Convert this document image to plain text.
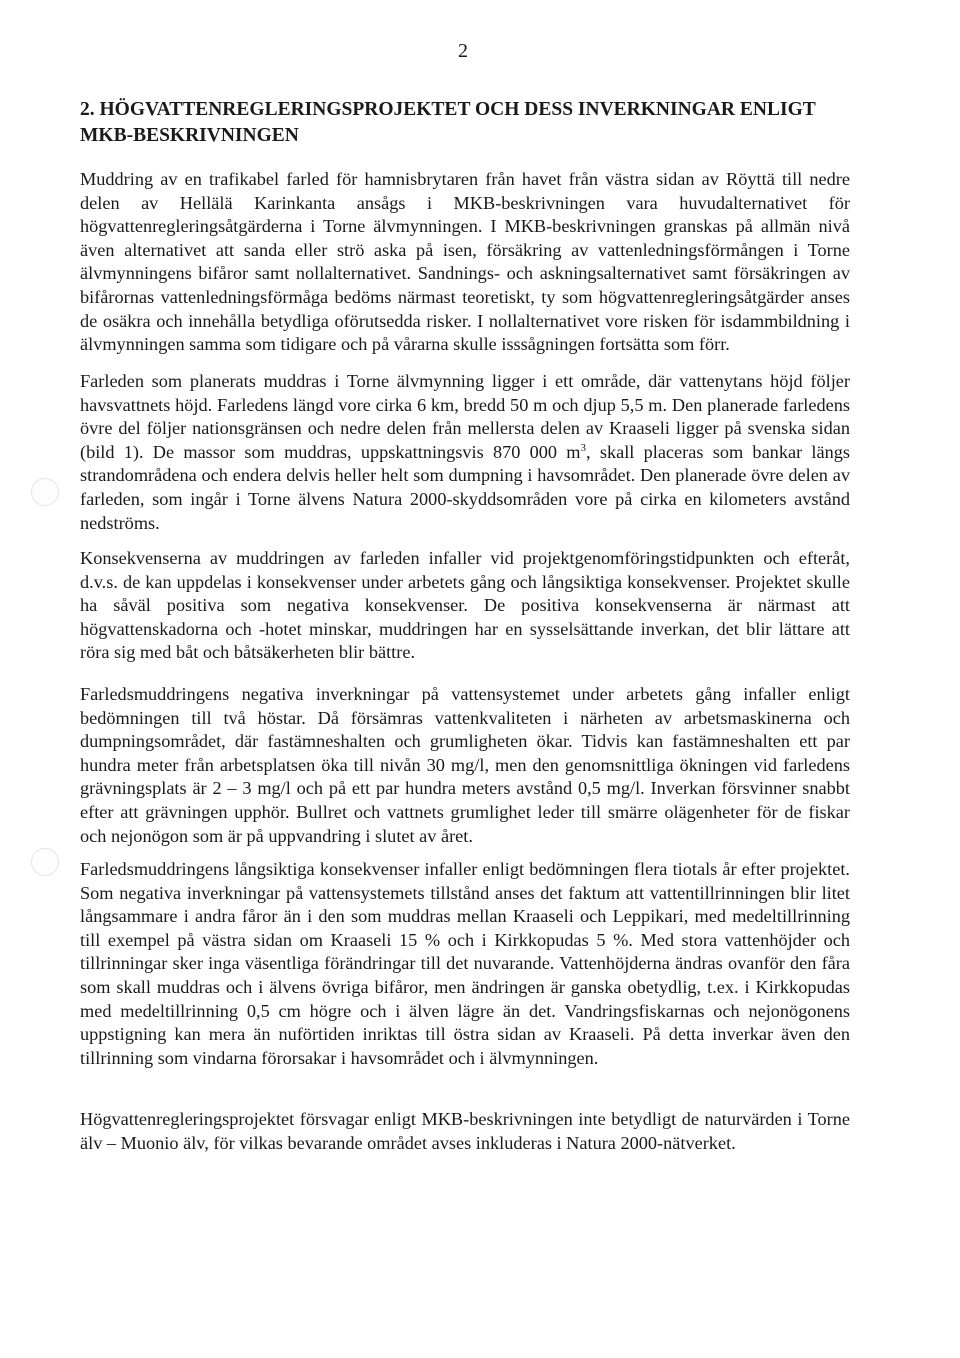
2
2. HÖGVATTENREGLERINGSPROJEKTET OCH DESS INVERKNINGAR ENLIGT MKB-BESKRIVNINGEN

Muddring av en trafikabel farled för hamnisbrytaren från havet från västra sidan av Röyttä till nedre delen av Hellälä Karinkanta ansågs i MKB-beskrivningen vara huvudalternativet för högvattenregleringsåtgärderna i Torne älvmynningen. I MKB-beskrivningen granskas på allmän nivå även alternativet att sanda eller strö aska på isen, försäkring av vattenledningsförmången i Torne älvmynningens bifåror samt nollalternativet. Sandnings- och askningsalternativet samt försäkringen av bifårornas vattenledningsförmåga bedöms närmast teoretiskt, ty som högvattenregleringsåtgärder anses de osäkra och innehålla betydliga oförutsedda risker. I nollalternativet vore risken för isdammbildning i älvmynningen samma som tidigare och på vårarna skulle isssågningen fortsätta som förr.

Farleden som planerats muddras i Torne älvmynning ligger i ett område, där vattenytans höjd följer havsvattnets höjd. Farledens längd vore cirka 6 km, bredd 50 m och djup 5,5 m. Den planerade farledens övre del följer nationsgränsen och nedre delen från mellersta delen av Kraaseli ligger på svenska sidan (bild 1). De massor som muddras, uppskattningsvis 870 000 $m^3$, skall placeras som bankar längs strandområdena och endera delvis heller helt som dumpning i havsområdet. Den planerade övre delen av farleden, som ingår i Torne älvens Natura 2000-skyddsområden vore på cirka en kilometers avstånd nedströms.

Konsekvenserna av muddringen av farleden infaller vid projektgenomföringstidpunkten och efteråt, d.v.s. de kan uppdelas i konsekvenser under arbetets gång och långsiktiga konsekvenser. Projektet skulle ha såväl positiva som negativa konsekvenser. De positiva konsekvenserna är närmast att högvattenskadorna och -hotet minskar, muddringen har en sysselsättande inverkan, det blir lättare att röra sig med båt och båtsäkerheten blir bättre.

Farledsmuddringens negativa inverkningar på vattensystemet under arbetets gång infaller enligt bedömningen till två höstar. Då försämras vattenkvaliteten i närheten av arbetsmaskinerna och dumpningsområdet, där fastämneshalten och grumligheten ökar. Tidvis kan fastämneshalten ett par hundra meter från arbetsplatsen öka till nivån 30 mg/l, men den genomsnittliga ökningen vid farledens grävningsplats är 2 – 3 mg/l och på ett par hundra meters avstånd 0,5 mg/l. Inverkan försvinner snabbt efter att grävningen upphör. Bullret och vattnets grumlighet leder till smärre olägenheter för de fiskar och nejonögon som är på uppvandring i slutet av året.

Farledsmuddringens långsiktiga konsekvenser infaller enligt bedömningen flera tiotals år efter projektet. Som negativa inverkningar på vattensystemets tillstånd anses det faktum att vattentillrinningen blir litet långsammare i andra fåror än i den som muddras mellan Kraaseli och Leppikari, med medeltillrinning till exempel på västra sidan om Kraaseli 15 % och i Kirkkopudas 5 %. Med stora vattenhöjder och tillrinningar sker inga väsentliga förändringar till det nuvarande. Vattenhöjderna ändras ovanför den fåra som skall muddras och i älvens övriga bifåror, men ändringen är ganska obetydlig, t.ex. i Kirkkopudas med medeltillrinning 0,5 cm högre och i älven lägre än det. Vandringsfiskarnas och nejonögonens uppstigning kan mera än nuförtiden inriktas till östra sidan av Kraaseli. På detta inverkar även den tillrinning som vindarna förorsakar i havsområdet och i älvmynningen.

Högvattenregleringsprojektet försvagar enligt MKB-beskrivningen inte betydligt de naturvärden i Torne älv – Muonio älv, för vilkas bevarande området avses inkluderas i Natura 2000-nätverket.
